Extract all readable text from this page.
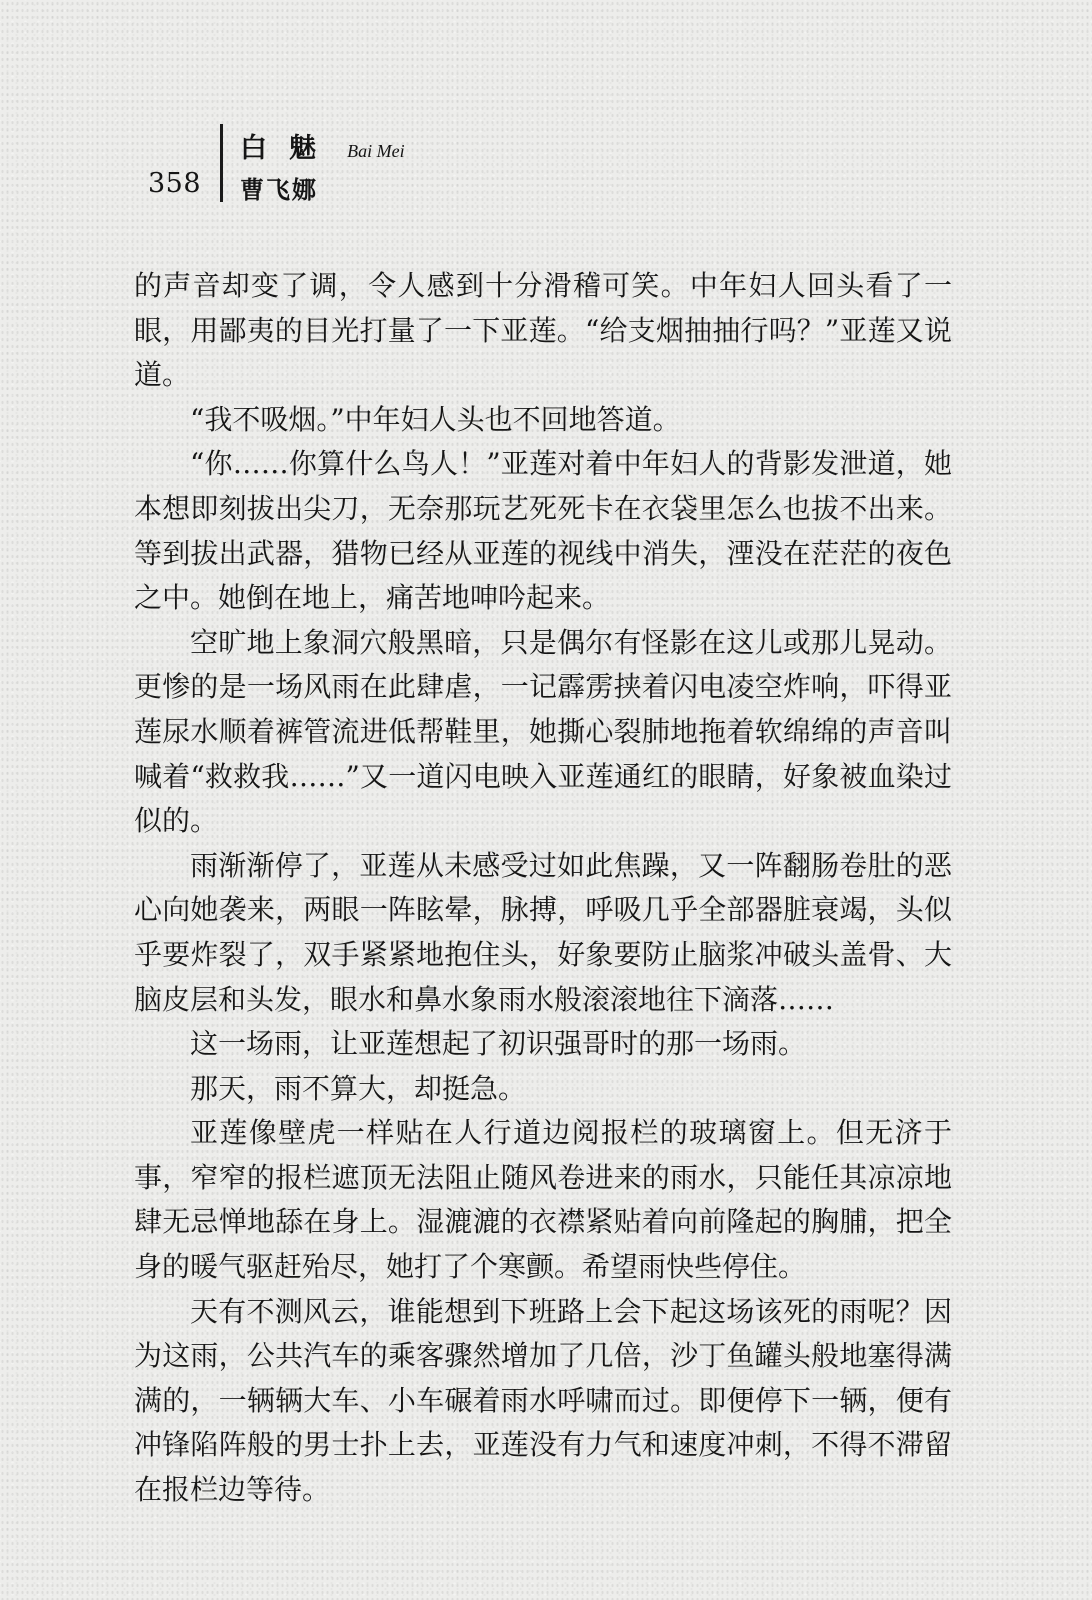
358
白魅 Bai Mei
曹飞娜

的声音却变了调，令人感到十分滑稽可笑。中年妇人回头看了一眼，用鄙夷的目光打量了一下亚莲。“给支烟抽抽行吗？”亚莲又说道。

“我不吸烟。”中年妇人头也不回地答道。

“你……你算什么鸟人！”亚莲对着中年妇人的背影发泄道，她本想即刻拔出尖刀，无奈那玩艺死死卡在衣袋里怎么也拔不出来。等到拔出武器，猎物已经从亚莲的视线中消失，湮没在茫茫的夜色之中。她倒在地上，痛苦地呻吟起来。

空旷地上象洞穴般黑暗，只是偶尔有怪影在这儿或那儿晃动。更惨的是一场风雨在此肆虐，一记霹雳挟着闪电凌空炸响，吓得亚莲尿水顺着裤管流进低帮鞋里，她撕心裂肺地拖着软绵绵的声音叫喊着“救救我……”又一道闪电映入亚莲通红的眼睛，好象被血染过似的。

雨渐渐停了，亚莲从未感受过如此焦躁，又一阵翻肠卷肚的恶心向她袭来，两眼一阵眩晕，脉搏，呼吸几乎全部器脏衰竭，头似乎要炸裂了，双手紧紧地抱住头，好象要防止脑浆冲破头盖骨、大脑皮层和头发，眼水和鼻水象雨水般滚滚地往下滴落……

这一场雨，让亚莲想起了初识强哥时的那一场雨。

那天，雨不算大，却挺急。

亚莲像壁虎一样贴在人行道边阅报栏的玻璃窗上。但无济于事，窄窄的报栏遮顶无法阻止随风卷进来的雨水，只能任其凉凉地肆无忌惮地舔在身上。湿漉漉的衣襟紧贴着向前隆起的胸脯，把全身的暖气驱赶殆尽，她打了个寒颤。希望雨快些停住。

天有不测风云，谁能想到下班路上会下起这场该死的雨呢？因为这雨，公共汽车的乘客骤然增加了几倍，沙丁鱼罐头般地塞得满满的，一辆辆大车、小车碾着雨水呼啸而过。即便停下一辆，便有冲锋陷阵般的男士扑上去，亚莲没有力气和速度冲刺，不得不滞留在报栏边等待。
